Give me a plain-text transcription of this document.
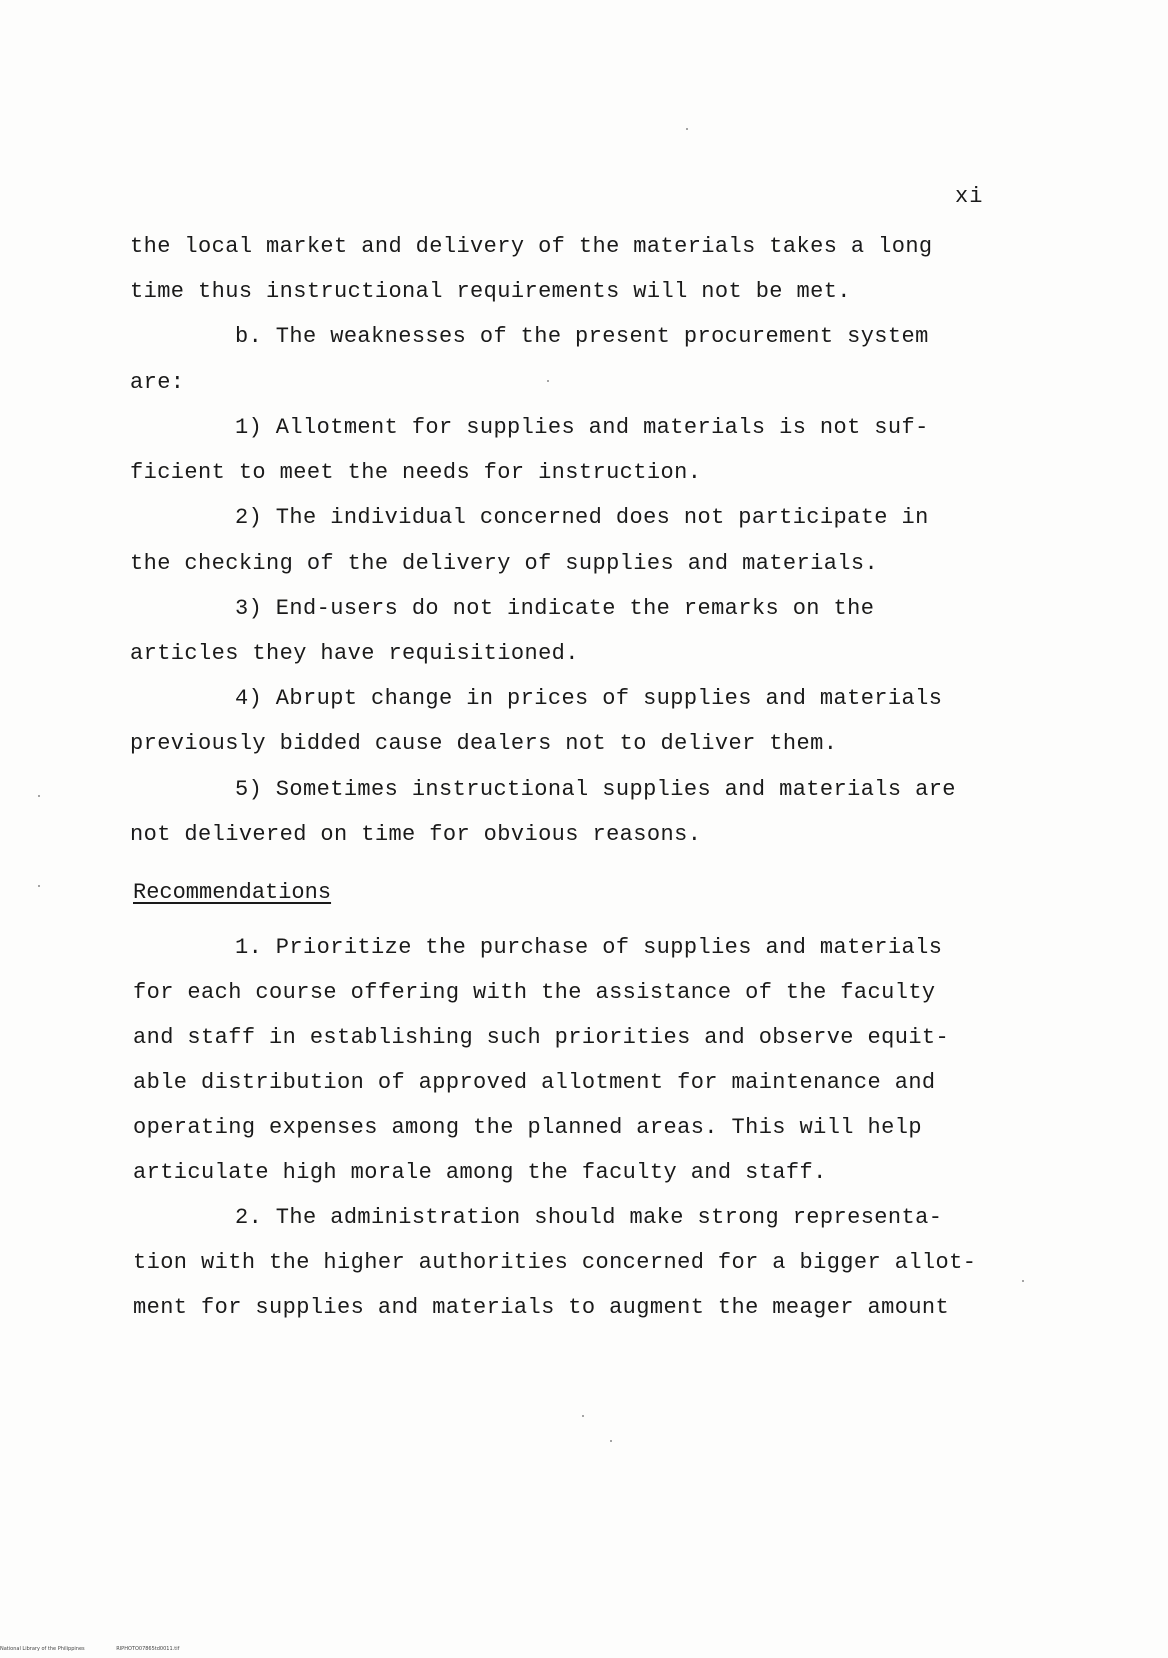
xi
the local market and delivery of the materials takes a long
time thus instructional requirements will not be met.
b. The weaknesses of the present procurement system
are:
1) Allotment for supplies and materials is not suf-
ficient to meet the needs for instruction.
2) The individual concerned does not participate in
the checking of the delivery of supplies and materials.
3) End-users do not indicate the remarks on the
articles they have requisitioned.
4) Abrupt change in prices of supplies and materials
previously bidded cause dealers not to deliver them.
5) Sometimes instructional supplies and materials are
not delivered on time for obvious reasons.
Recommendations
1. Prioritize the purchase of supplies and materials
for each course offering with the assistance of the faculty
and staff in establishing such priorities and observe equit-
able distribution of approved allotment for maintenance and
operating expenses among the planned areas. This will help
articulate high morale among the faculty and staff.
2. The administration should make strong representa-
tion with the higher authorities concerned for a bigger allot-
ment for supplies and materials to augment the meager amount
National Library of the Philippines	RIPHOTO07865td0011.tif
